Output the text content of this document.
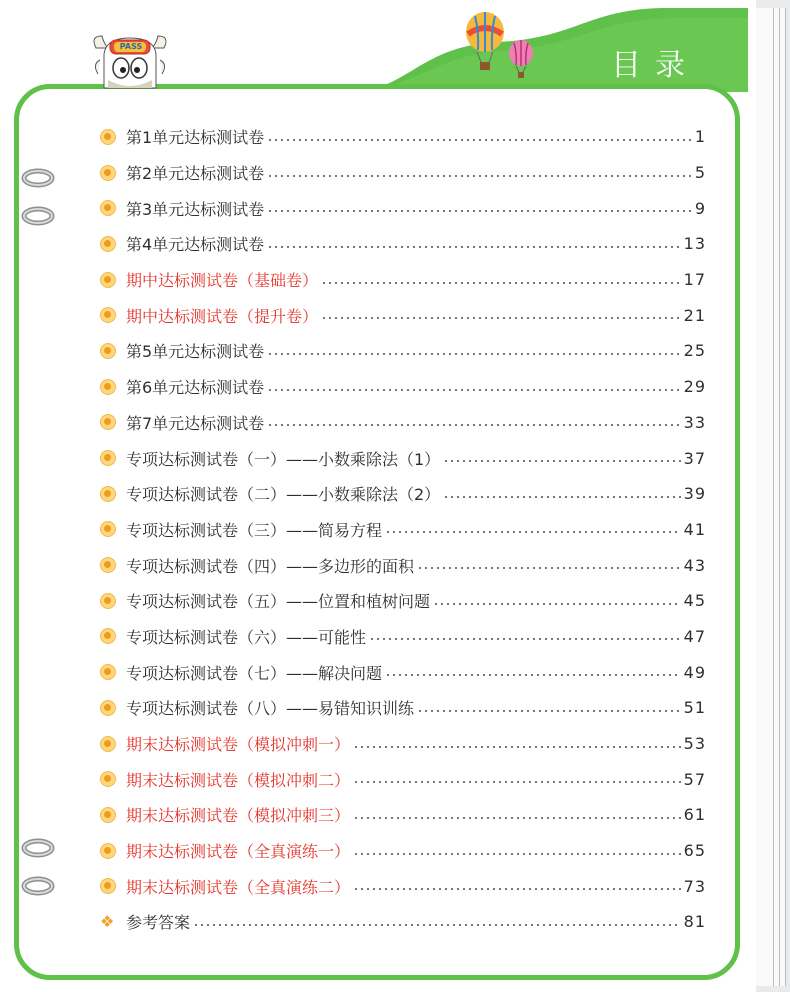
目录
PASS
第1单元达标测试卷	1
第2单元达标测试卷	5
第3单元达标测试卷	9
第4单元达标测试卷	13
期中达标测试卷（基础卷）	17
期中达标测试卷（提升卷）	21
第5单元达标测试卷	25
第6单元达标测试卷	29
第7单元达标测试卷	33
专项达标测试卷（一）——小数乘除法（1）	37
专项达标测试卷（二）——小数乘除法（2）	39
专项达标测试卷（三）——简易方程	41
专项达标测试卷（四）——多边形的面积	43
专项达标测试卷（五）——位置和植树问题	45
专项达标测试卷（六）——可能性	47
专项达标测试卷（七）——解决问题	49
专项达标测试卷（八）——易错知识训练	51
期末达标测试卷（模拟冲刺一）	53
期末达标测试卷（模拟冲刺二）	57
期末达标测试卷（模拟冲刺三）	61
期末达标测试卷（全真演练一）	65
期末达标测试卷（全真演练二）	73
❖ 参考答案	81
